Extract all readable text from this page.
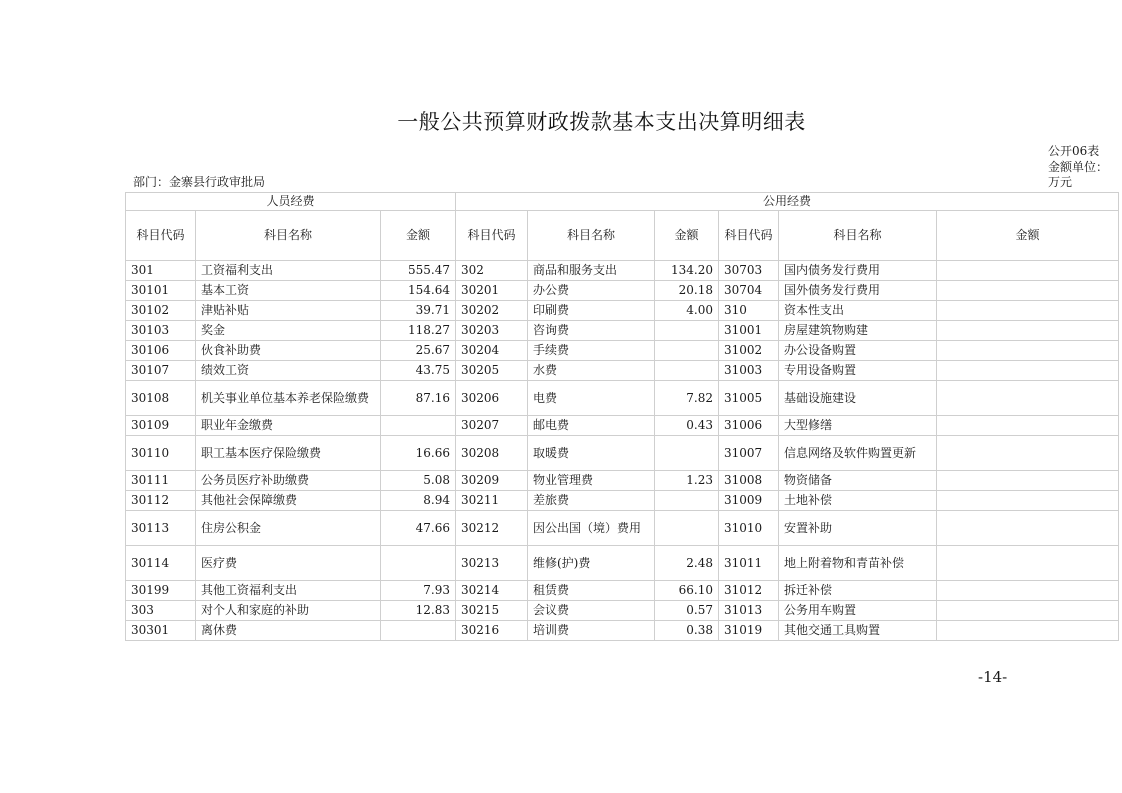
一般公共预算财政拨款基本支出决算明细表
公开06表
金额单位：
万元
部门：金寨县行政审批局
人员经费			公用经费					
科目代码	科目名称	金额	科目代码	科目名称	金额	科目代码	科目名称	金额
301	工资福利支出	555.47	302	商品和服务支出	134.20	30703	国内债务发行费用	
30101	基本工资	154.64	30201	办公费	20.18	30704	国外债务发行费用	
30102	津贴补贴	39.71	30202	印刷费	4.00	310	资本性支出	
30103	奖金	118.27	30203	咨询费		31001	房屋建筑物购建	
30106	伙食补助费	25.67	30204	手续费		31002	办公设备购置	
30107	绩效工资	43.75	30205	水费		31003	专用设备购置	
30108	机关事业单位基本养老保险缴费	87.16	30206	电费	7.82	31005	基础设施建设	
30109	职业年金缴费		30207	邮电费	0.43	31006	大型修缮	
30110	职工基本医疗保险缴费	16.66	30208	取暖费		31007	信息网络及软件购置更新	
30111	公务员医疗补助缴费	5.08	30209	物业管理费	1.23	31008	物资储备	
30112	其他社会保障缴费	8.94	30211	差旅费		31009	土地补偿	
30113	住房公积金	47.66	30212	因公出国（境）费用		31010	安置补助	
30114	医疗费		30213	维修(护)费	2.48	31011	地上附着物和青苗补偿	
30199	其他工资福利支出	7.93	30214	租赁费	66.10	31012	拆迁补偿	
303	对个人和家庭的补助	12.83	30215	会议费	0.57	31013	公务用车购置	
30301	离休费		30216	培训费	0.38	31019	其他交通工具购置	
-14-
